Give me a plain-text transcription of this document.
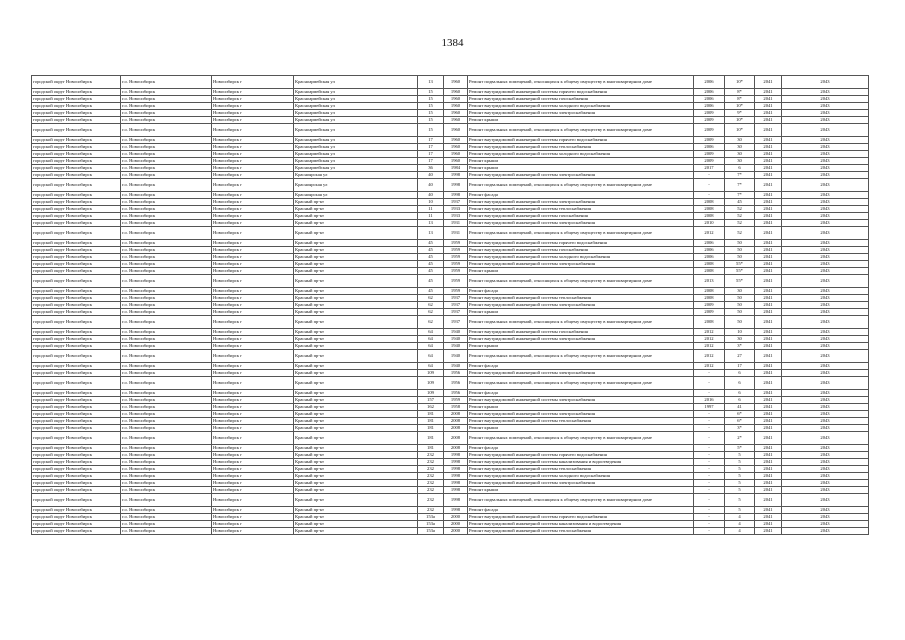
1384
городской округ Новосибирск	г.о. Новосибирск	Новосибирск г	Красноармейская ул	13	1960	Ремонт подвальных помещений, относящихся к общему имуществу в многоквартирном доме	2006	10*	2041	2043
городской округ Новосибирск	г.о. Новосибирск	Новосибирск г	Красноармейская ул	15	1960	Ремонт внутридомовой инженерной системы горячего водоснабжения	2006	8*	2041	2043
городской округ Новосибирск	г.о. Новосибирск	Новосибирск г	Красноармейская ул	15	1960	Ремонт внутридомовой инженерной системы газоснабжения	2006	8*	2041	2043
городской округ Новосибирск	г.о. Новосибирск	Новосибирск г	Красноармейская ул	15	1960	Ремонт внутридомовой инженерной системы холодного водоснабжения	2006	10*	2041	2043
городской округ Новосибирск	г.о. Новосибирск	Новосибирск г	Красноармейская ул	15	1960	Ремонт внутридомовой инженерной системы электроснабжения	2009	9*	2041	2043
городской округ Новосибирск	г.о. Новосибирск	Новосибирск г	Красноармейская ул	15	1960	Ремонт крыши	2009	10*	2041	2043
городской округ Новосибирск	г.о. Новосибирск	Новосибирск г	Красноармейская ул	15	1960	Ремонт подвальных помещений, относящихся к общему имуществу в многоквартирном доме	2009	10*	2041	2043
городской округ Новосибирск	г.о. Новосибирск	Новосибирск г	Красноармейская ул	17	1960	Ремонт внутридомовой инженерной системы горячего водоснабжения	2009	30	2041	2043
городской округ Новосибирск	г.о. Новосибирск	Новосибирск г	Красноармейская ул	17	1960	Ремонт внутридомовой инженерной системы теплоснабжения	2006	30	2041	2043
городской округ Новосибирск	г.о. Новосибирск	Новосибирск г	Красноармейская ул	17	1960	Ремонт внутридомовой инженерной системы холодного водоснабжения	2009	30	2041	2043
городской округ Новосибирск	г.о. Новосибирск	Новосибирск г	Красноармейская ул	17	1960	Ремонт крыши	2009	30	2041	2043
городской округ Новосибирск	г.о. Новосибирск	Новосибирск г	Красноармейская ул	36	1984	Ремонт крыши	2017	6	2041	2043
городской округ Новосибирск	г.о. Новосибирск	Новосибирск г	Красноярская ул	40	1998	Ремонт внутридомовой инженерной системы электроснабжения	-	7*	2041	2043
городской округ Новосибирск	г.о. Новосибирск	Новосибирск г	Красноярская ул	40	1998	Ремонт подвальных помещений, относящихся к общему имуществу в многоквартирном доме	-	7*	2041	2043
городской округ Новосибирск	г.о. Новосибирск	Новосибирск г	Красноярская ул	40	1998	Ремонт фасада	-	7*	2041	2043
городской округ Новосибирск	г.о. Новосибирск	Новосибирск г	Красный пр-кт	10	1937	Ремонт внутридомовой инженерной системы электроснабжения	2008	45	2041	2043
городской округ Новосибирск	г.о. Новосибирск	Новосибирск г	Красный пр-кт	11	1933	Ремонт внутридомовой инженерной системы теплоснабжения	2008	52	2041	2043
городской округ Новосибирск	г.о. Новосибирск	Новосибирск г	Красный пр-кт	11	1933	Ремонт внутридомовой инженерной системы газоснабжения	2008	52	2041	2043
городской округ Новосибирск	г.о. Новосибирск	Новосибирск г	Красный пр-кт	13	1931	Ремонт внутридомовой инженерной системы электроснабжения	2010	52	2041	2043
городской округ Новосибирск	г.о. Новосибирск	Новосибирск г	Красный пр-кт	13	1931	Ремонт подвальных помещений, относящихся к общему имуществу в многоквартирном доме	2012	52	2041	2043
городской округ Новосибирск	г.о. Новосибирск	Новосибирск г	Красный пр-кт	45	1959	Ремонт внутридомовой инженерной системы горячего водоснабжения	2006	50	2041	2043
городской округ Новосибирск	г.о. Новосибирск	Новосибирск г	Красный пр-кт	45	1959	Ремонт внутридомовой инженерной системы газоснабжения	2006	50	2041	2043
городской округ Новосибирск	г.о. Новосибирск	Новосибирск г	Красный пр-кт	45	1959	Ремонт внутридомовой инженерной системы холодного водоснабжения	2006	50	2041	2043
городской округ Новосибирск	г.о. Новосибирск	Новосибирск г	Красный пр-кт	45	1959	Ремонт внутридомовой инженерной системы электроснабжения	2008	55*	2041	2043
городской округ Новосибирск	г.о. Новосибирск	Новосибирск г	Красный пр-кт	45	1959	Ремонт крыши	2008	55*	2041	2043
городской округ Новосибирск	г.о. Новосибирск	Новосибирск г	Красный пр-кт	45	1959	Ремонт подвальных помещений, относящихся к общему имуществу в многоквартирном доме	2013	55*	2041	2043
городской округ Новосибирск	г.о. Новосибирск	Новосибирск г	Красный пр-кт	45	1959	Ремонт фасада	2008	30	2041	2043
городской округ Новосибирск	г.о. Новосибирск	Новосибирск г	Красный пр-кт	62	1937	Ремонт внутридомовой инженерной системы теплоснабжения	2008	50	2041	2043
городской округ Новосибирск	г.о. Новосибирск	Новосибирск г	Красный пр-кт	62	1937	Ремонт внутридомовой инженерной системы электроснабжения	2009	50	2041	2043
городской округ Новосибирск	г.о. Новосибирск	Новосибирск г	Красный пр-кт	62	1937	Ремонт крыши	2009	50	2041	2043
городской округ Новосибирск	г.о. Новосибирск	Новосибирск г	Красный пр-кт	62	1937	Ремонт подвальных помещений, относящихся к общему имуществу в многоквартирном доме	2008	50	2041	2043
городской округ Новосибирск	г.о. Новосибирск	Новосибирск г	Красный пр-кт	64	1940	Ремонт внутридомовой инженерной системы газоснабжения	2012	10	2041	2043
городской округ Новосибирск	г.о. Новосибирск	Новосибирск г	Красный пр-кт	64	1940	Ремонт внутридомовой инженерной системы электроснабжения	2012	30	2041	2043
городской округ Новосибирск	г.о. Новосибирск	Новосибирск г	Красный пр-кт	64	1940	Ремонт крыши	2012	3*	2041	2043
городской округ Новосибирск	г.о. Новосибирск	Новосибирск г	Красный пр-кт	64	1940	Ремонт подвальных помещений, относящихся к общему имуществу в многоквартирном доме	2012	27	2041	2043
городской округ Новосибирск	г.о. Новосибирск	Новосибирск г	Красный пр-кт	64	1940	Ремонт фасада	2012	17	2041	2043
городской округ Новосибирск	г.о. Новосибирск	Новосибирск г	Красный пр-кт	109	1956	Ремонт внутридомовой инженерной системы электроснабжения	-	6	2041	2043
городской округ Новосибирск	г.о. Новосибирск	Новосибирск г	Красный пр-кт	109	1956	Ремонт подвальных помещений, относящихся к общему имуществу в многоквартирном доме	-	6	2041	2043
городской округ Новосибирск	г.о. Новосибирск	Новосибирск г	Красный пр-кт	109	1956	Ремонт фасада	-	6	2041	2043
городской округ Новосибирск	г.о. Новосибирск	Новосибирск г	Красный пр-кт	157	1959	Ремонт внутридомовой инженерной системы электроснабжения	2016	6	2041	2043
городской округ Новосибирск	г.о. Новосибирск	Новосибирск г	Красный пр-кт	162	1958	Ремонт крыши	1997	41	2041	2043
городской округ Новосибирск	г.о. Новосибирск	Новосибирск г	Красный пр-кт	181	2008	Ремонт внутридомовой инженерной системы электроснабжения	-	6*	2041	2043
городской округ Новосибирск	г.о. Новосибирск	Новосибирск г	Красный пр-кт	181	2008	Ремонт внутридомовой инженерной системы теплоснабжения	-	6*	2041	2043
городской округ Новосибирск	г.о. Новосибирск	Новосибирск г	Красный пр-кт	181	2008	Ремонт крыши	-	3*	2041	2043
городской округ Новосибирск	г.о. Новосибирск	Новосибирск г	Красный пр-кт	181	2008	Ремонт подвальных помещений, относящихся к общему имуществу в многоквартирном доме	-	2*	2041	2043
городской округ Новосибирск	г.о. Новосибирск	Новосибирск г	Красный пр-кт	181	2008	Ремонт фасада	-	5*	2041	2043
городской округ Новосибирск	г.о. Новосибирск	Новосибирск г	Красный пр-кт	232	1998	Ремонт внутридомовой инженерной системы горячего водоснабжения	-	5	2041	2043
городской округ Новосибирск	г.о. Новосибирск	Новосибирск г	Красный пр-кт	232	1998	Ремонт внутридомовой инженерной системы канализования и водоотведения	-	5	2041	2043
городской округ Новосибирск	г.о. Новосибирск	Новосибирск г	Красный пр-кт	232	1998	Ремонт внутридомовой инженерной системы теплоснабжения	-	5	2041	2043
городской округ Новосибирск	г.о. Новосибирск	Новосибирск г	Красный пр-кт	232	1998	Ремонт внутридомовой инженерной системы холодного водоснабжения	-	5	2041	2043
городской округ Новосибирск	г.о. Новосибирск	Новосибирск г	Красный пр-кт	232	1998	Ремонт внутридомовой инженерной системы электроснабжения	-	5	2041	2043
городской округ Новосибирск	г.о. Новосибирск	Новосибирск г	Красный пр-кт	232	1998	Ремонт крыши	-	5	2041	2043
городской округ Новосибирск	г.о. Новосибирск	Новосибирск г	Красный пр-кт	232	1998	Ремонт подвальных помещений, относящихся к общему имуществу в многоквартирном доме	-	5	2041	2043
городской округ Новосибирск	г.о. Новосибирск	Новосибирск г	Красный пр-кт	232	1998	Ремонт фасада	-	5	2041	2043
городской округ Новосибирск	г.о. Новосибирск	Новосибирск г	Красный пр-кт	153а	2000	Ремонт внутридомовой инженерной системы горячего водоснабжения	-	4	2041	2043
городской округ Новосибирск	г.о. Новосибирск	Новосибирск г	Красный пр-кт	153а	2000	Ремонт внутридомовой инженерной системы канализования и водоотведения	-	4	2041	2043
городской округ Новосибирск	г.о. Новосибирск	Новосибирск г	Красный пр-кт	153а	2000	Ремонт внутридомовой инженерной системы теплоснабжения	-	4	2041	2043
